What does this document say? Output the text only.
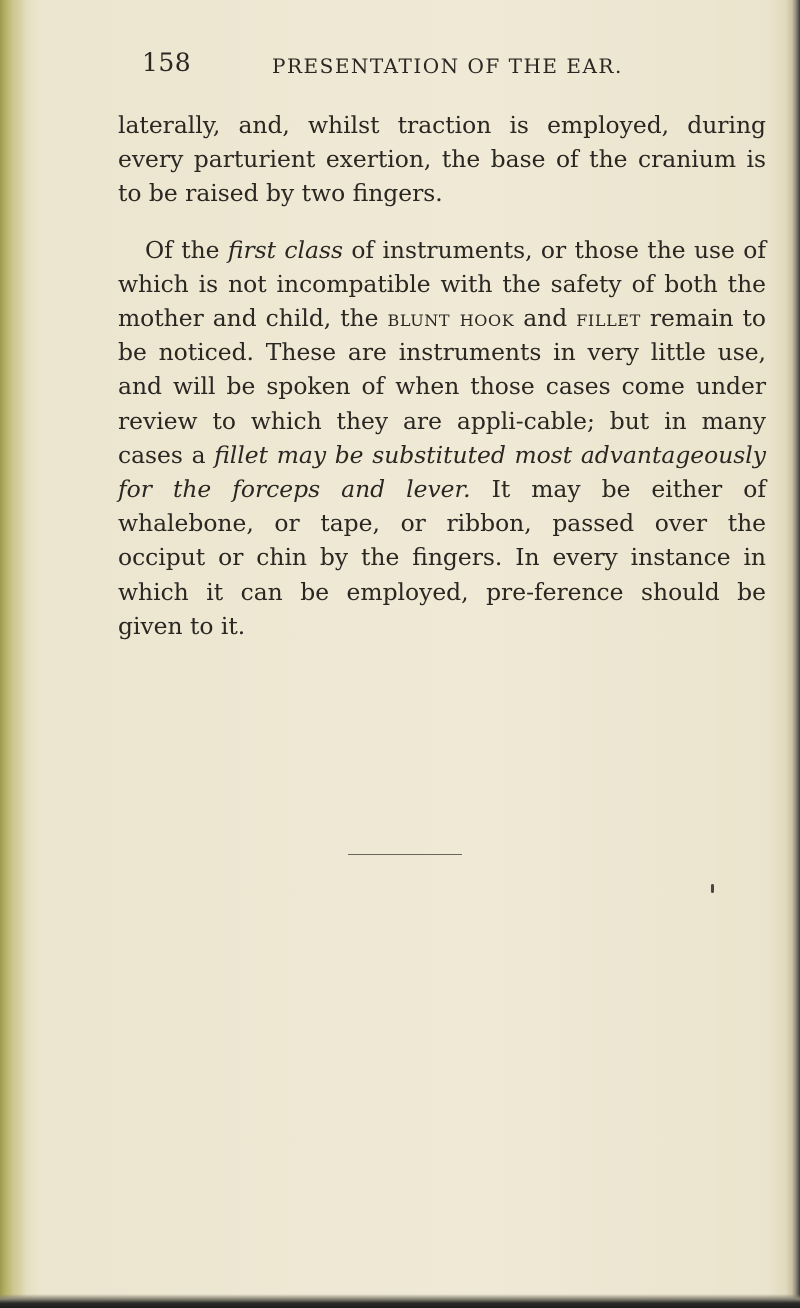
158	PRESENTATION OF THE EAR.

laterally, and, whilst traction is employed, during every parturient exertion, the base of the cranium is to be raised by two fingers.

Of the first class of instruments, or those the use of which is not incompatible with the safety of both the mother and child, the blunt hook and fillet remain to be noticed. These are instruments in very little use, and will be spoken of when those cases come under review to which they are appli-cable; but in many cases a fillet may be substituted most advantageously for the forceps and lever. It may be either of whalebone, or tape, or ribbon, passed over the occiput or chin by the fingers. In every instance in which it can be employed, pre-ference should be given to it.
